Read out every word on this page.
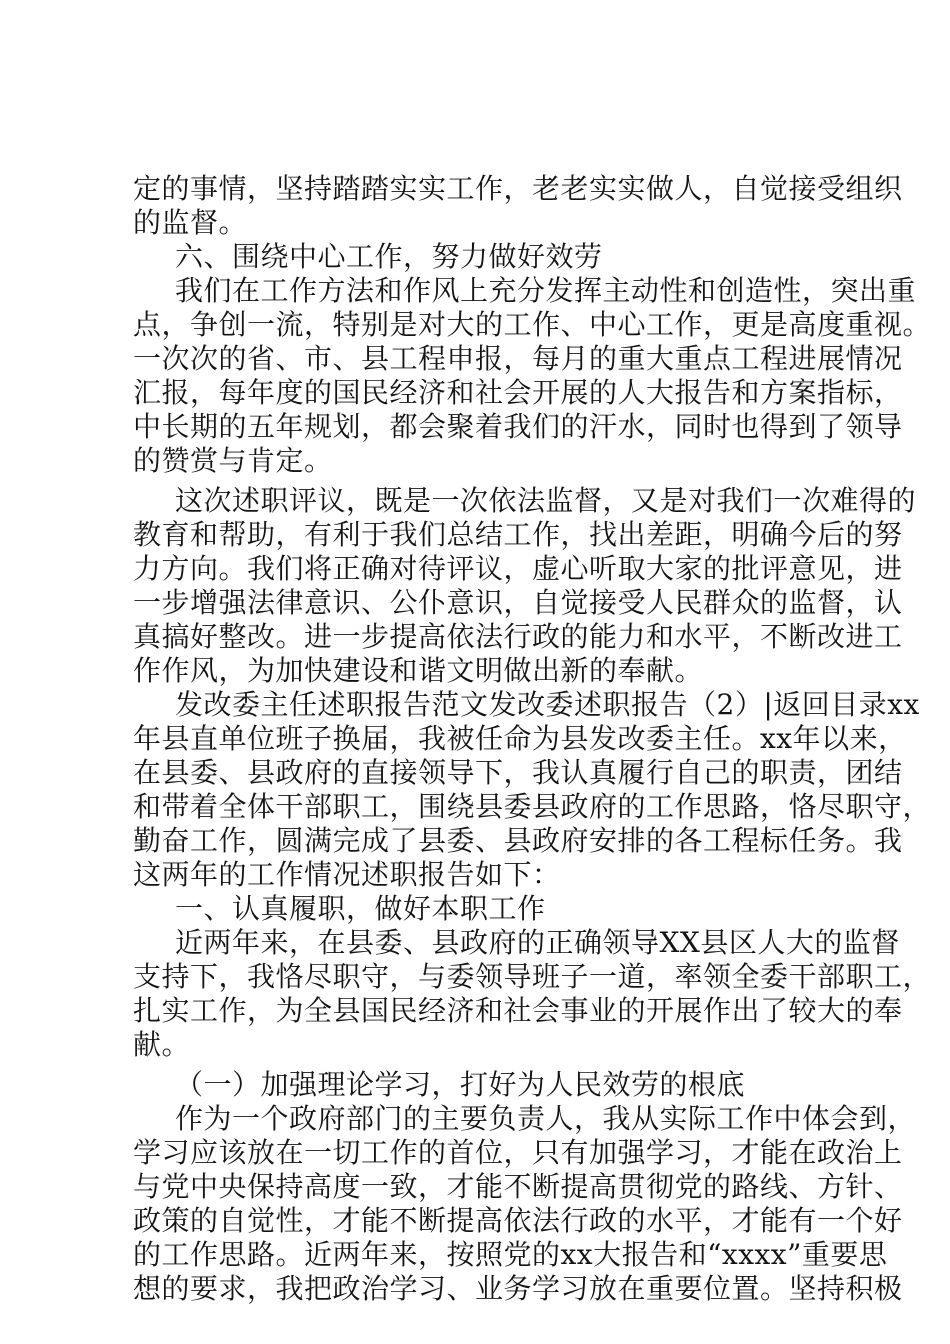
定的事情，坚持踏踏实实工作，老老实实做人，自觉接受组织
的监督。
六、围绕中心工作，努力做好效劳
我们在工作方法和作风上充分发挥主动性和创造性，突出重
点，争创一流，特别是对大的工作、中心工作，更是高度重视。
一次次的省、市、县工程申报，每月的重大重点工程进展情况
汇报，每年度的国民经济和社会开展的人大报告和方案指标，
中长期的五年规划，都会聚着我们的汗水，同时也得到了领导
的赞赏与肯定。
这次述职评议，既是一次依法监督，又是对我们一次难得的
教育和帮助，有利于我们总结工作，找出差距，明确今后的努
力方向。我们将正确对待评议，虚心听取大家的批评意见，进
一步增强法律意识、公仆意识，自觉接受人民群众的监督，认
真搞好整改。进一步提高依法行政的能力和水平，不断改进工
作作风，为加快建设和谐文明做出新的奉献。
发改委主任述职报告范文发改委述职报告（2）|返回目录xx
年县直单位班子换届，我被任命为县发改委主任。xx年以来，
在县委、县政府的直接领导下，我认真履行自己的职责，团结
和带着全体干部职工，围绕县委县政府的工作思路，恪尽职守，
勤奋工作，圆满完成了县委、县政府安排的各工程标任务。我
这两年的工作情况述职报告如下：
一、认真履职，做好本职工作
近两年来，在县委、县政府的正确领导XX县区人大的监督
支持下，我恪尽职守，与委领导班子一道，率领全委干部职工，
扎实工作，为全县国民经济和社会事业的开展作出了较大的奉
献。
（一）加强理论学习，打好为人民效劳的根底
作为一个政府部门的主要负责人，我从实际工作中体会到，
学习应该放在一切工作的首位，只有加强学习，才能在政治上
与党中央保持高度一致，才能不断提高贯彻党的路线、方针、
政策的自觉性，才能不断提高依法行政的水平，才能有一个好
的工作思路。近两年来，按照党的xx大报告和“xxxx”重要思
想的要求，我把政治学习、业务学习放在重要位置。坚持积极
